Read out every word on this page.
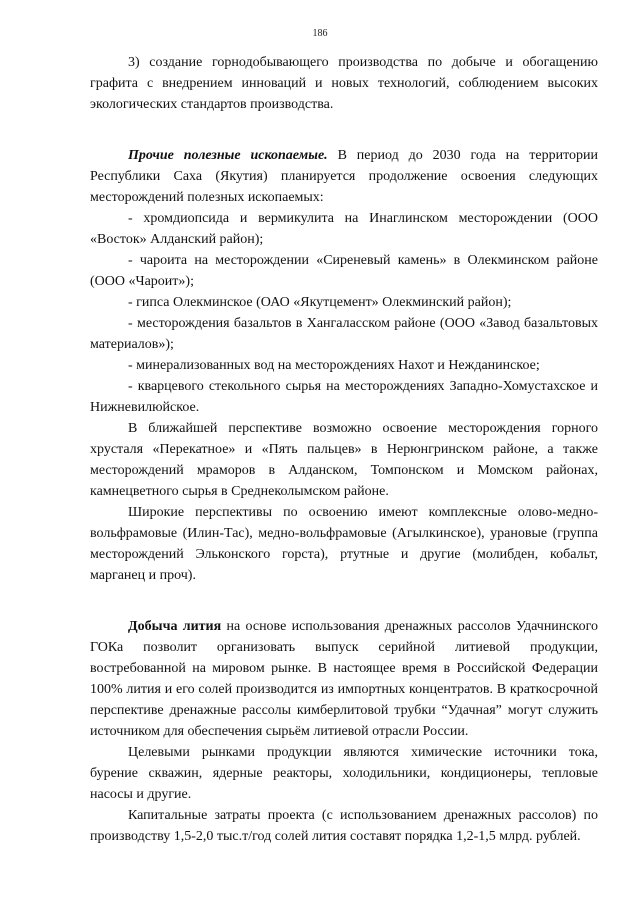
186

3) создание горнодобывающего производства по добыче и обогащению графита с внедрением инноваций и новых технологий, соблюдением высоких экологических стандартов производства.

Прочие полезные ископаемые. В период до 2030 года на территории Республики Саха (Якутия) планируется продолжение освоения следующих месторождений полезных ископаемых:

- хромдиопсида и вермикулита на Инаглинском месторождении (ООО «Восток» Алданский район);

- чароита на месторождении «Сиреневый камень» в Олекминском районе (ООО «Чароит»);

- гипса Олекминское (ОАО «Якутцемент» Олекминский район);

- месторождения базальтов в Хангаласском районе (ООО «Завод базальтовых материалов»);

- минерализованных вод на месторождениях Нахот и Нежданинское;

- кварцевого стекольного сырья на месторождениях Западно-Хомустахское и Нижневилюйское.

В ближайшей перспективе возможно освоение месторождения горного хрусталя «Перекатное» и «Пять пальцев» в Нерюнгринском районе, а также месторождений мраморов в Алданском, Томпонском и Момском районах, камнецветного сырья в Среднеколымском районе.

Широкие перспективы по освоению имеют комплексные олово-медно-вольфрамовые (Илин-Тас), медно-вольфрамовые (Агылкинское), урановые (группа месторождений Эльконского горста), ртутные и другие (молибден, кобальт, марганец и проч).

Добыча лития на основе использования дренажных рассолов Удачнинского ГОКа позволит организовать выпуск серийной литиевой продукции, востребованной на мировом рынке. В настоящее время в Российской Федерации 100% лития и его солей производится из импортных концентратов. В краткосрочной перспективе дренажные рассолы кимберлитовой трубки “Удачная” могут служить источником для обеспечения сырьём литиевой отрасли России.

Целевыми рынками продукции являются химические источники тока, бурение скважин, ядерные реакторы, холодильники, кондиционеры, тепловые насосы и другие.

Капитальные затраты проекта (с использованием дренажных рассолов) по производству 1,5-2,0 тыс.т/год солей лития составят порядка 1,2-1,5 млрд. рублей.
